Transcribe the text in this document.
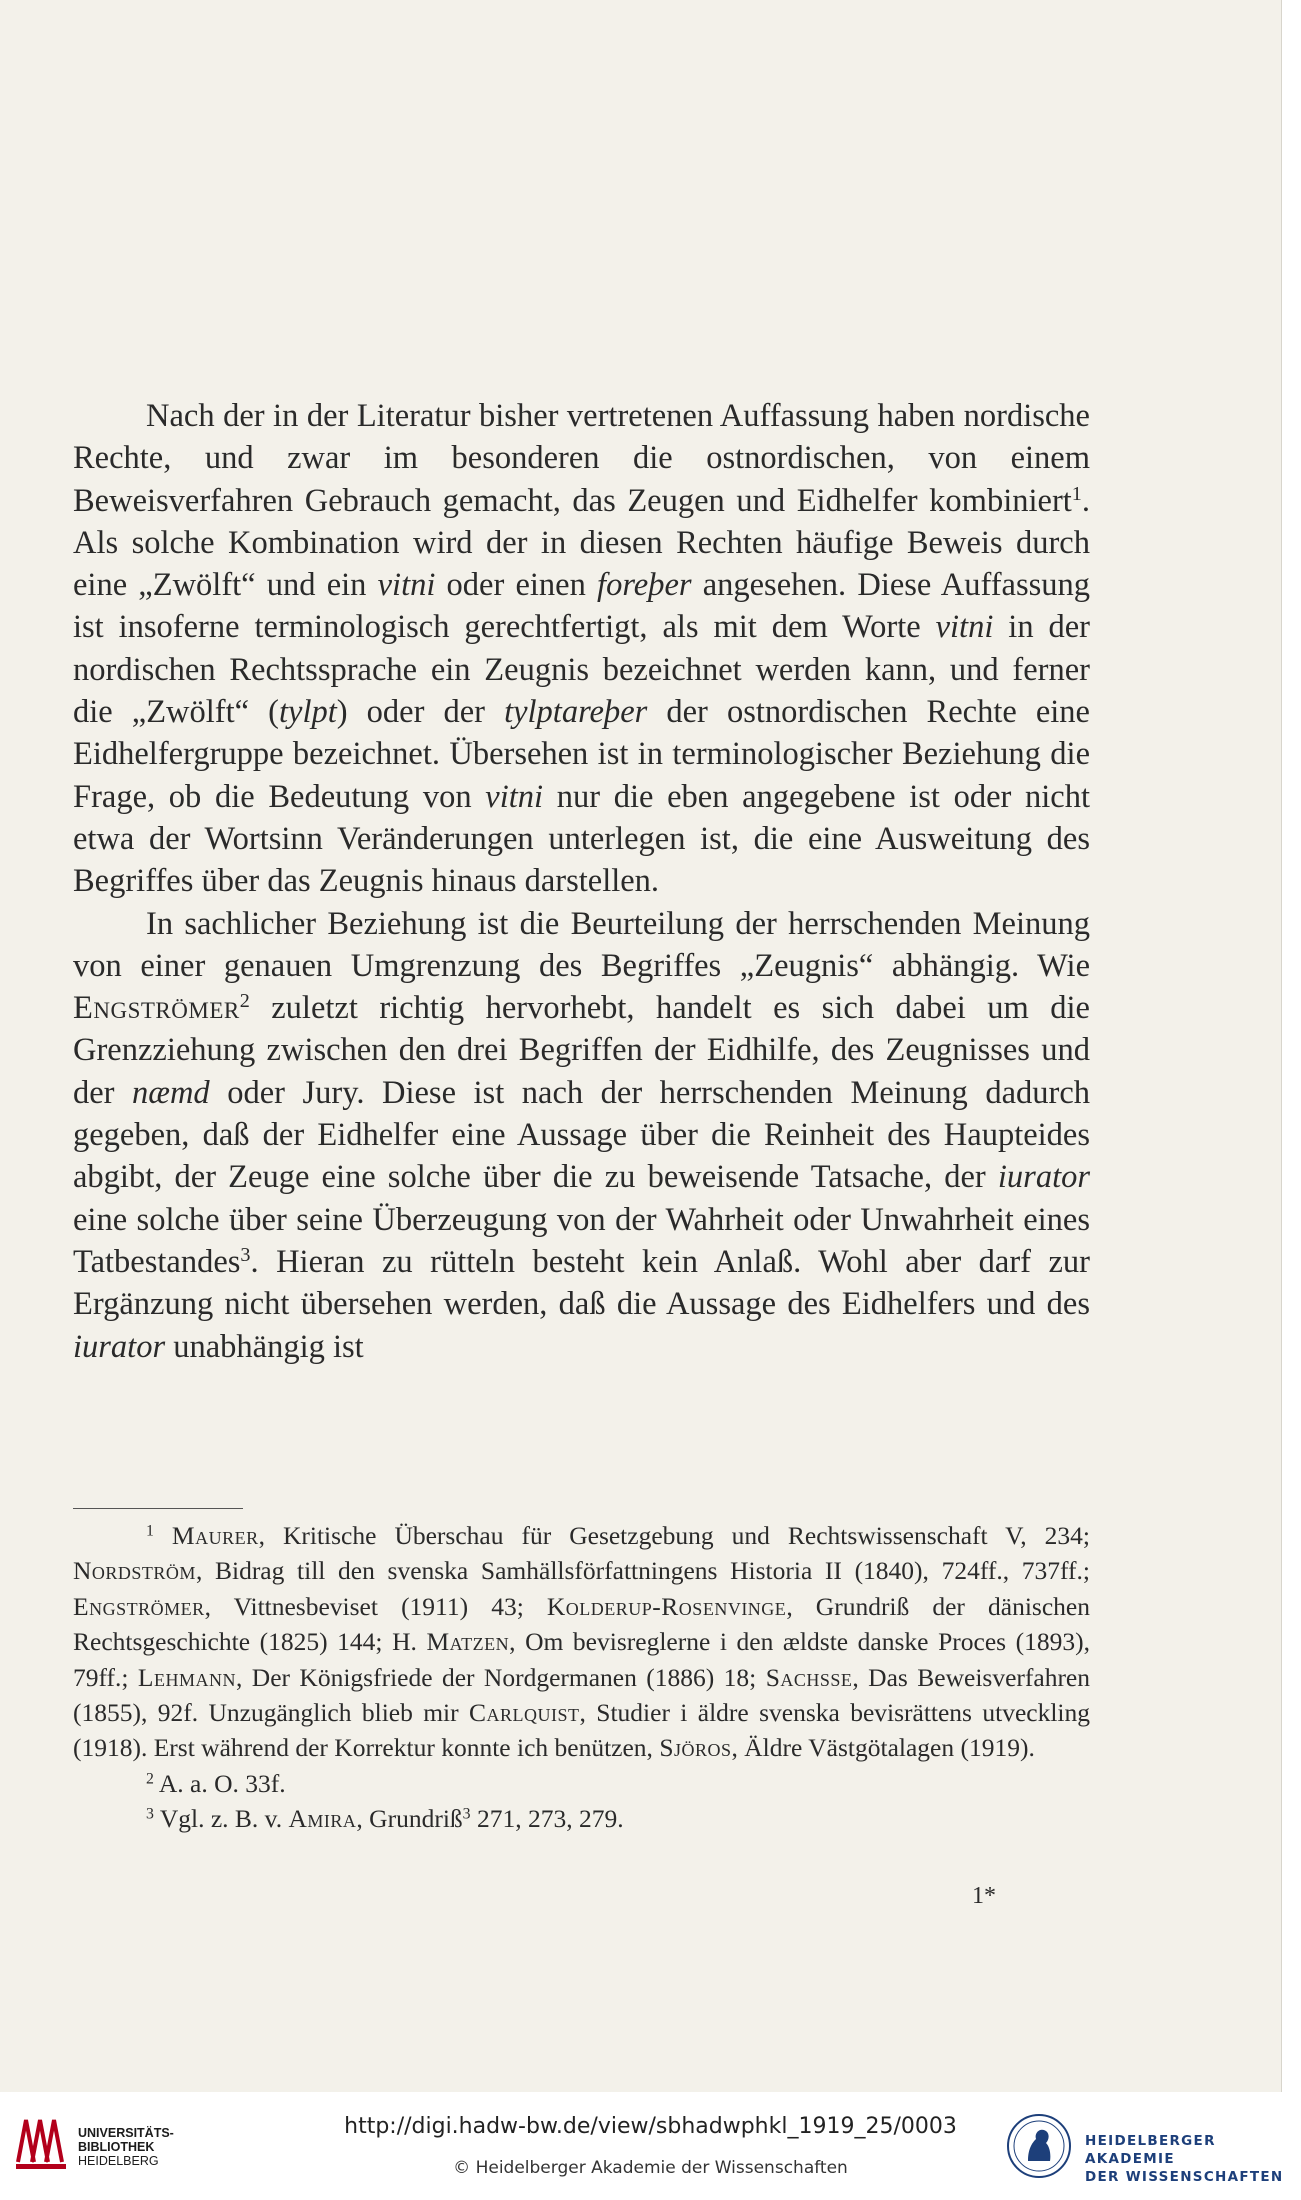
Nach der in der Literatur bisher vertretenen Auffassung haben nordische Rechte, und zwar im besonderen die ostnordischen, von einem Beweisverfahren Gebrauch gemacht, das Zeugen und Eidhelfer kombiniert$^1$. Als solche Kombination wird der in diesen Rechten häufige Beweis durch eine „Zwölft“ und ein vitni oder einen foreþer angesehen. Diese Auffassung ist insoferne terminologisch gerechtfertigt, als mit dem Worte vitni in der nordischen Rechtssprache ein Zeugnis bezeichnet werden kann, und ferner die „Zwölft“ (tylpt) oder der tylptareþer der ostnordischen Rechte eine Eidhelfergruppe bezeichnet. Übersehen ist in terminologischer Beziehung die Frage, ob die Bedeutung von vitni nur die eben angegebene ist oder nicht etwa der Wortsinn Veränderungen unterlegen ist, die eine Ausweitung des Begriffes über das Zeugnis hinaus darstellen.

In sachlicher Beziehung ist die Beurteilung der herrschenden Meinung von einer genauen Umgrenzung des Begriffes „Zeugnis“ abhängig. Wie Engströmer$^2$ zuletzt richtig hervorhebt, handelt es sich dabei um die Grenzziehung zwischen den drei Begriffen der Eidhilfe, des Zeugnisses und der næmd oder Jury. Diese ist nach der herrschenden Meinung dadurch gegeben, daß der Eidhelfer eine Aussage über die Reinheit des Haupteides abgibt, der Zeuge eine solche über die zu beweisende Tatsache, der iurator eine solche über seine Überzeugung von der Wahrheit oder Unwahrheit eines Tatbestandes$^3$. Hieran zu rütteln besteht kein Anlaß. Wohl aber darf zur Ergänzung nicht übersehen werden, daß die Aussage des Eidhelfers und des iurator unabhängig ist

$^1$ Maurer, Kritische Überschau für Gesetzgebung und Rechtswissenschaft V, 234; Nordström, Bidrag till den svenska Samhällsförfattningens Historia II (1840), 724ff., 737ff.; Engströmer, Vittnesbeviset (1911) 43; Kolderup-Rosenvinge, Grundriß der dänischen Rechtsgeschichte (1825) 144; H. Matzen, Om bevisreglerne i den ældste danske Proces (1893), 79ff.; Lehmann, Der Königsfriede der Nordgermanen (1886) 18; Sachsse, Das Beweisverfahren (1855), 92f. Unzugänglich blieb mir Carlquist, Studier i äldre svenska bevisrättens utveckling (1918). Erst während der Korrektur konnte ich benützen, Sjöros, Äldre Västgötalagen (1919).

$^2$ A. a. O. 33f.

$^3$ Vgl. z. B. v. Amira, Grundriß$^3$ 271, 273, 279.

1*
UNIVERSITÄTS-
BIBLIOTHEK
HEIDELBERG
http://digi.hadw-bw.de/view/sbhadwphkl_1919_25/0003
© Heidelberger Akademie der Wissenschaften
HEIDELBERGER AKADEMIE
DER WISSENSCHAFTEN
